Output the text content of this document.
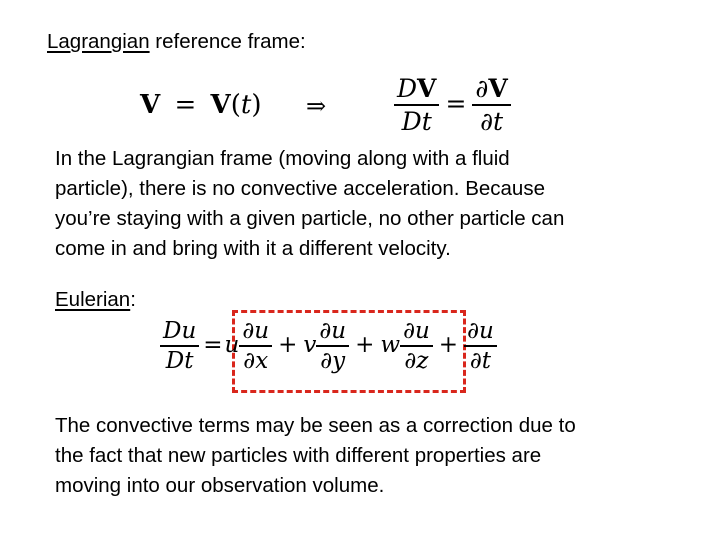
Lagrangian reference frame:
V = V(t) ⇒	$\frac{DV}{Dt} = \frac{\partial V}{\partial t}$
In the Lagrangian frame (moving along with a fluid
particle), there is no convective acceleration. Because
you’re staying with a given particle, no other particle can
come in and bring with it a different velocity.
Eulerian:
$\frac{Du}{Dt} =u \frac{\partial u}{\partial x} + v \frac{\partial u}{\partial y} + w \frac{\partial u}{\partial z} + \frac{\partial u}{\partial t}$
The convective terms may be seen as a correction due to
the fact that new particles with different properties are
moving into our observation volume.
